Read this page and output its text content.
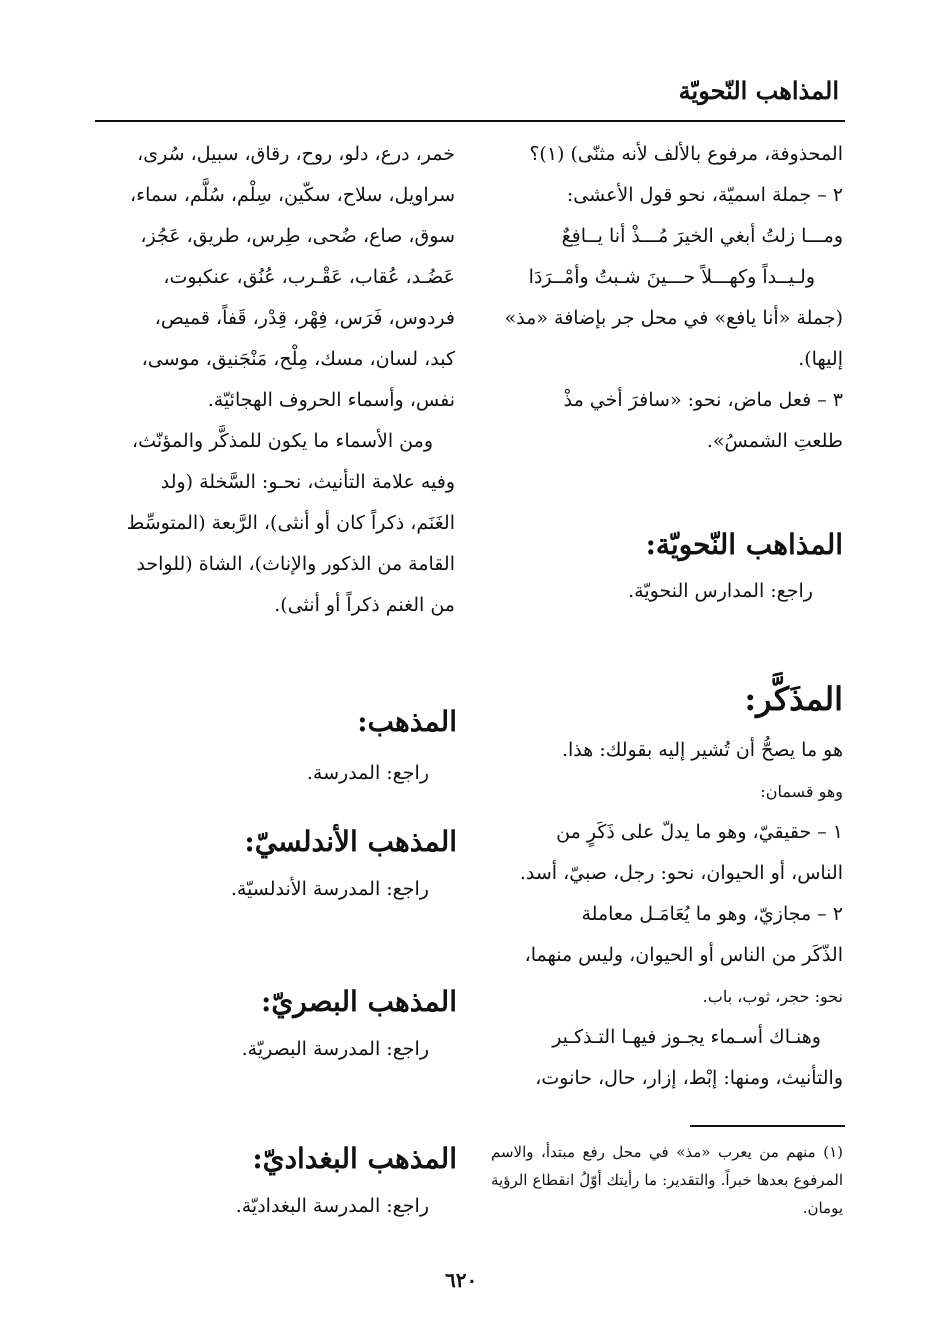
المذاهب النّحويّة

المحذوفة، مرفوع بالألف لأنه مثنّى) (١)؟

٢ – جملة اسميّة، نحو قول الأعشى:

ومـــا زلتُ أبغي الخيرَ مُـــذْ أنا يــافِعٌ

ولـيــداً وكهـــلاً حـــينَ شـبتُ وأمْــرَدَا

(جملة «أنا يافع» في محل جر بإضافة «مذ»

إليها).

٣ – فعل ماض، نحو: «سافرَ أخي مذْ

طلعتِ الشمسُ».

المذاهب النّحويّة:
راجع: المدارس النحويّة.

خمر، درع، دلو، روح، رقاق، سبيل، سُرى،

سراويل، سلاح، سكّين، سِلْم، سُلَّم، سماء،

سوق، صاع، ضُحى، طِرس، طريق، عَجُز،

عَضُـد، عُقاب، عَقْـرب، عُنُق، عنكبوت،

فردوس، فَرَس، فِهْر، قِدْر، قَفاً، قميص،

كبد، لسان، مسك، مِلْح، مَنْجَنيق، موسى،

نفس، وأسماء الحروف الهجائيّة.

ومن الأسماء ما يكون للمذكَّر والمؤنّث،

وفيه علامة التأنيث، نحـو: السَّخلة (ولد

الغَنَم، ذكراً كان أو أنثى)، الرَّبعة (المتوسِّط

القامة من الذكور والإناث)، الشاة (للواحد

من الغنم ذكراً أو أنثى).

المذَكَّر:

هو ما يصحُّ أن تُشير إليه بقولك: هذا.

وهو قسمان:

١ – حقيقيّ، وهو ما يدلّ على ذَكَرٍ من

الناس، أو الحيوان، نحو: رجل، صبيّ، أسد.

٢ – مجازيّ، وهو ما يُعَامَـل معاملة

الذّكَر من الناس أو الحيوان، وليس منهما،

نحو: حجر، ثوب، باب.

وهنـاك أسـماء يجـوز فيهـا التـذكـير

والتأنيث، ومنها: إبْط، إزار، حال، حانوت،

المذهب:
راجع: المدرسة.
المذهب الأندلسيّ:
راجع: المدرسة الأندلسيّة.
المذهب البصريّ:
راجع: المدرسة البصريّة.
المذهب البغداديّ:
راجع: المدرسة البغداديّة.
(١) منهم من يعرب «مذ» في محل رفع مبتدأ، والاسم المرفوع بعدها خبراً. والتقدير: ما رأيتك أوّلُ انقطاع الرؤية يومان.
٦٢٠
